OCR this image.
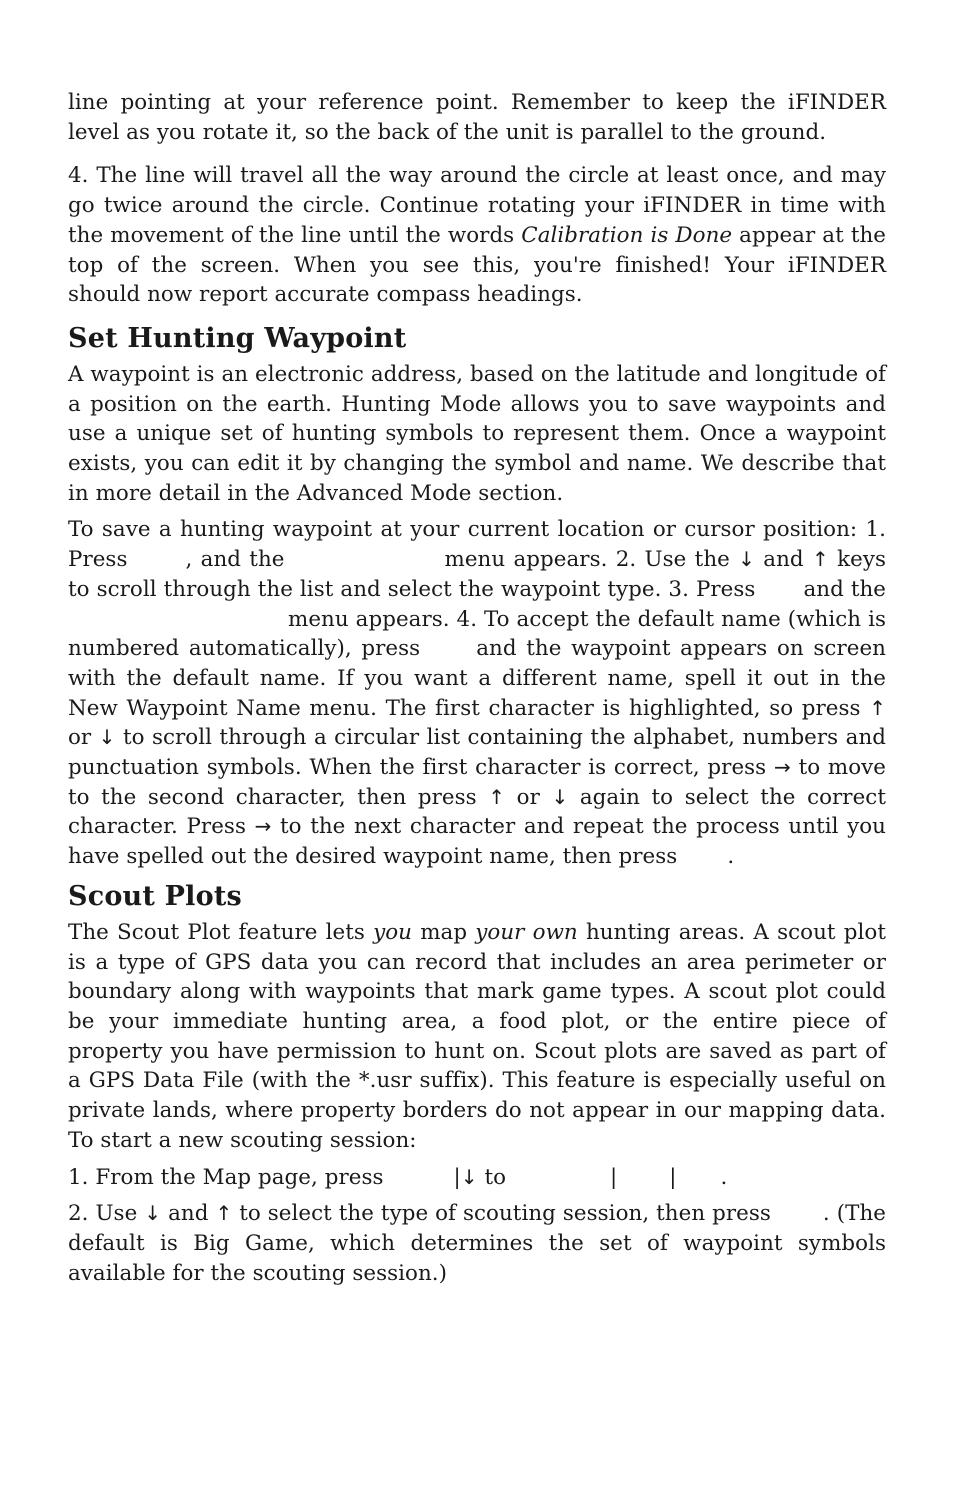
line pointing at your reference point. Remember to keep the iFINDER level as you rotate it, so the back of the unit is parallel to the ground.

4. The line will travel all the way around the circle at least once, and may go twice around the circle. Continue rotating your iFINDER in time with the movement of the line until the words Calibration is Done appear at the top of the screen. When you see this, you're finished! Your iFINDER should now report accurate compass headings.

Set Hunting Waypoint

A waypoint is an electronic address, based on the latitude and longitude of a position on the earth. Hunting Mode allows you to save waypoints and use a unique set of hunting symbols to represent them. Once a waypoint exists, you can edit it by changing the symbol and name. We describe that in more detail in the Advanced Mode section.

To save a hunting waypoint at your current location or cursor position: 1. Press	, and the	menu appears. 2. Use the ↓ and ↑ keys to scroll through the list and select the waypoint type. 3. Press and themenu appears. 4. To accept the default name (which is numbered automatically), press	and the waypoint appears on screen with the default name. If you want a different name, spell it out in the New Waypoint Name menu. The first character is highlighted, so press ↑ or ↓ to scroll through a circular list containing the alphabet, numbers and punctuation symbols. When the first character is correct, press → to move to the second character, then press ↑ or ↓ again to select the correct character. Press → to the next character and repeat the process until you have spelled out the desired waypoint name, then press .

Scout Plots

The Scout Plot feature lets you map your own hunting areas. A scout plot is a type of GPS data you can record that includes an area perimeter or boundary along with waypoints that mark game types. A scout plot could be your immediate hunting area, a food plot, or the entire piece of property you have permission to hunt on. Scout plots are saved as part of a GPS Data File (with the *.usr suffix). This feature is especially useful on private lands, where property borders do not appear in our mapping data. To start a new scouting session:

1. From the Map page, press	|↓ to	| | .

2. Use ↓ and ↑ to select the type of scouting session, then press . (The default is Big Game, which determines the set of waypoint symbols available for the scouting session.)
